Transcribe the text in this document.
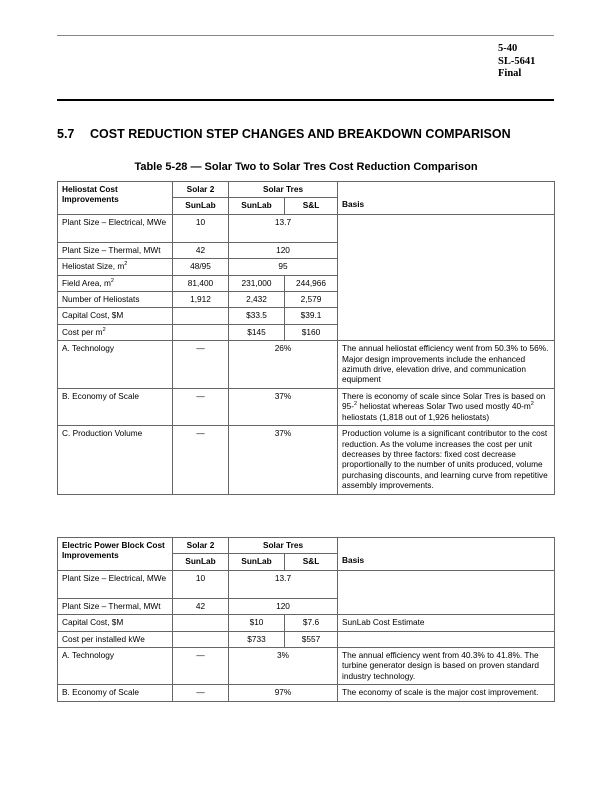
5-40
SL-5641
Final
5.7 COST REDUCTION STEP CHANGES AND BREAKDOWN COMPARISON
Table 5-28 — Solar Two to Solar Tres Cost Reduction Comparison
Heliostat Cost Improvements	Solar 2	Solar Tres		Basis
	SunLab	SunLab	S&L	
Plant Size – Electrical, MWe	10	13.7		
Plant Size – Thermal, MWt	42	120		
Heliostat Size, $m^2$	48/95	95		
Field Area, $m^2$	81,400	231,000	244,966	
Number of Heliostats	1,912	2,432	2,579	
Capital Cost, $M		$33.5	$39.1	
Cost per $m^2$		$145	$160	
A. Technology	—	26%		The annual heliostat efficiency went from 50.3% to 56%. Major design improvements include the enhanced azimuth drive, elevation drive, and communication equipment
B. Economy of Scale	—	37%		There is economy of scale since Solar Tres is based on 95-$^2$ heliostat whereas Solar Two used mostly $40-m^2$ heliostats (1,818 out of 1,926 heliostats)
C. Production Volume	—	37%		Production volume is a significant contributor to the cost reduction. As the volume increases the cost per unit decreases by three factors: fixed cost decrease proportionally to the number of units produced, volume purchasing discounts, and learning curve from repetitive assembly improvements.
Electric Power Block Cost Improvements	Solar 2	Solar Tres		Basis
	SunLab	SunLab	S&L	
Plant Size – Electrical, MWe	10	13.7		
Plant Size – Thermal, MWt	42	120		
Capital Cost, $M		$10	$7.6	SunLab Cost Estimate
Cost per installed kWe		$733	$557	
A. Technology	—	3%		The annual efficiency went from 40.3% to 41.8%. The turbine generator design is based on proven standard industry technology.
B. Economy of Scale	—	97%		The economy of scale is the major cost improvement.
